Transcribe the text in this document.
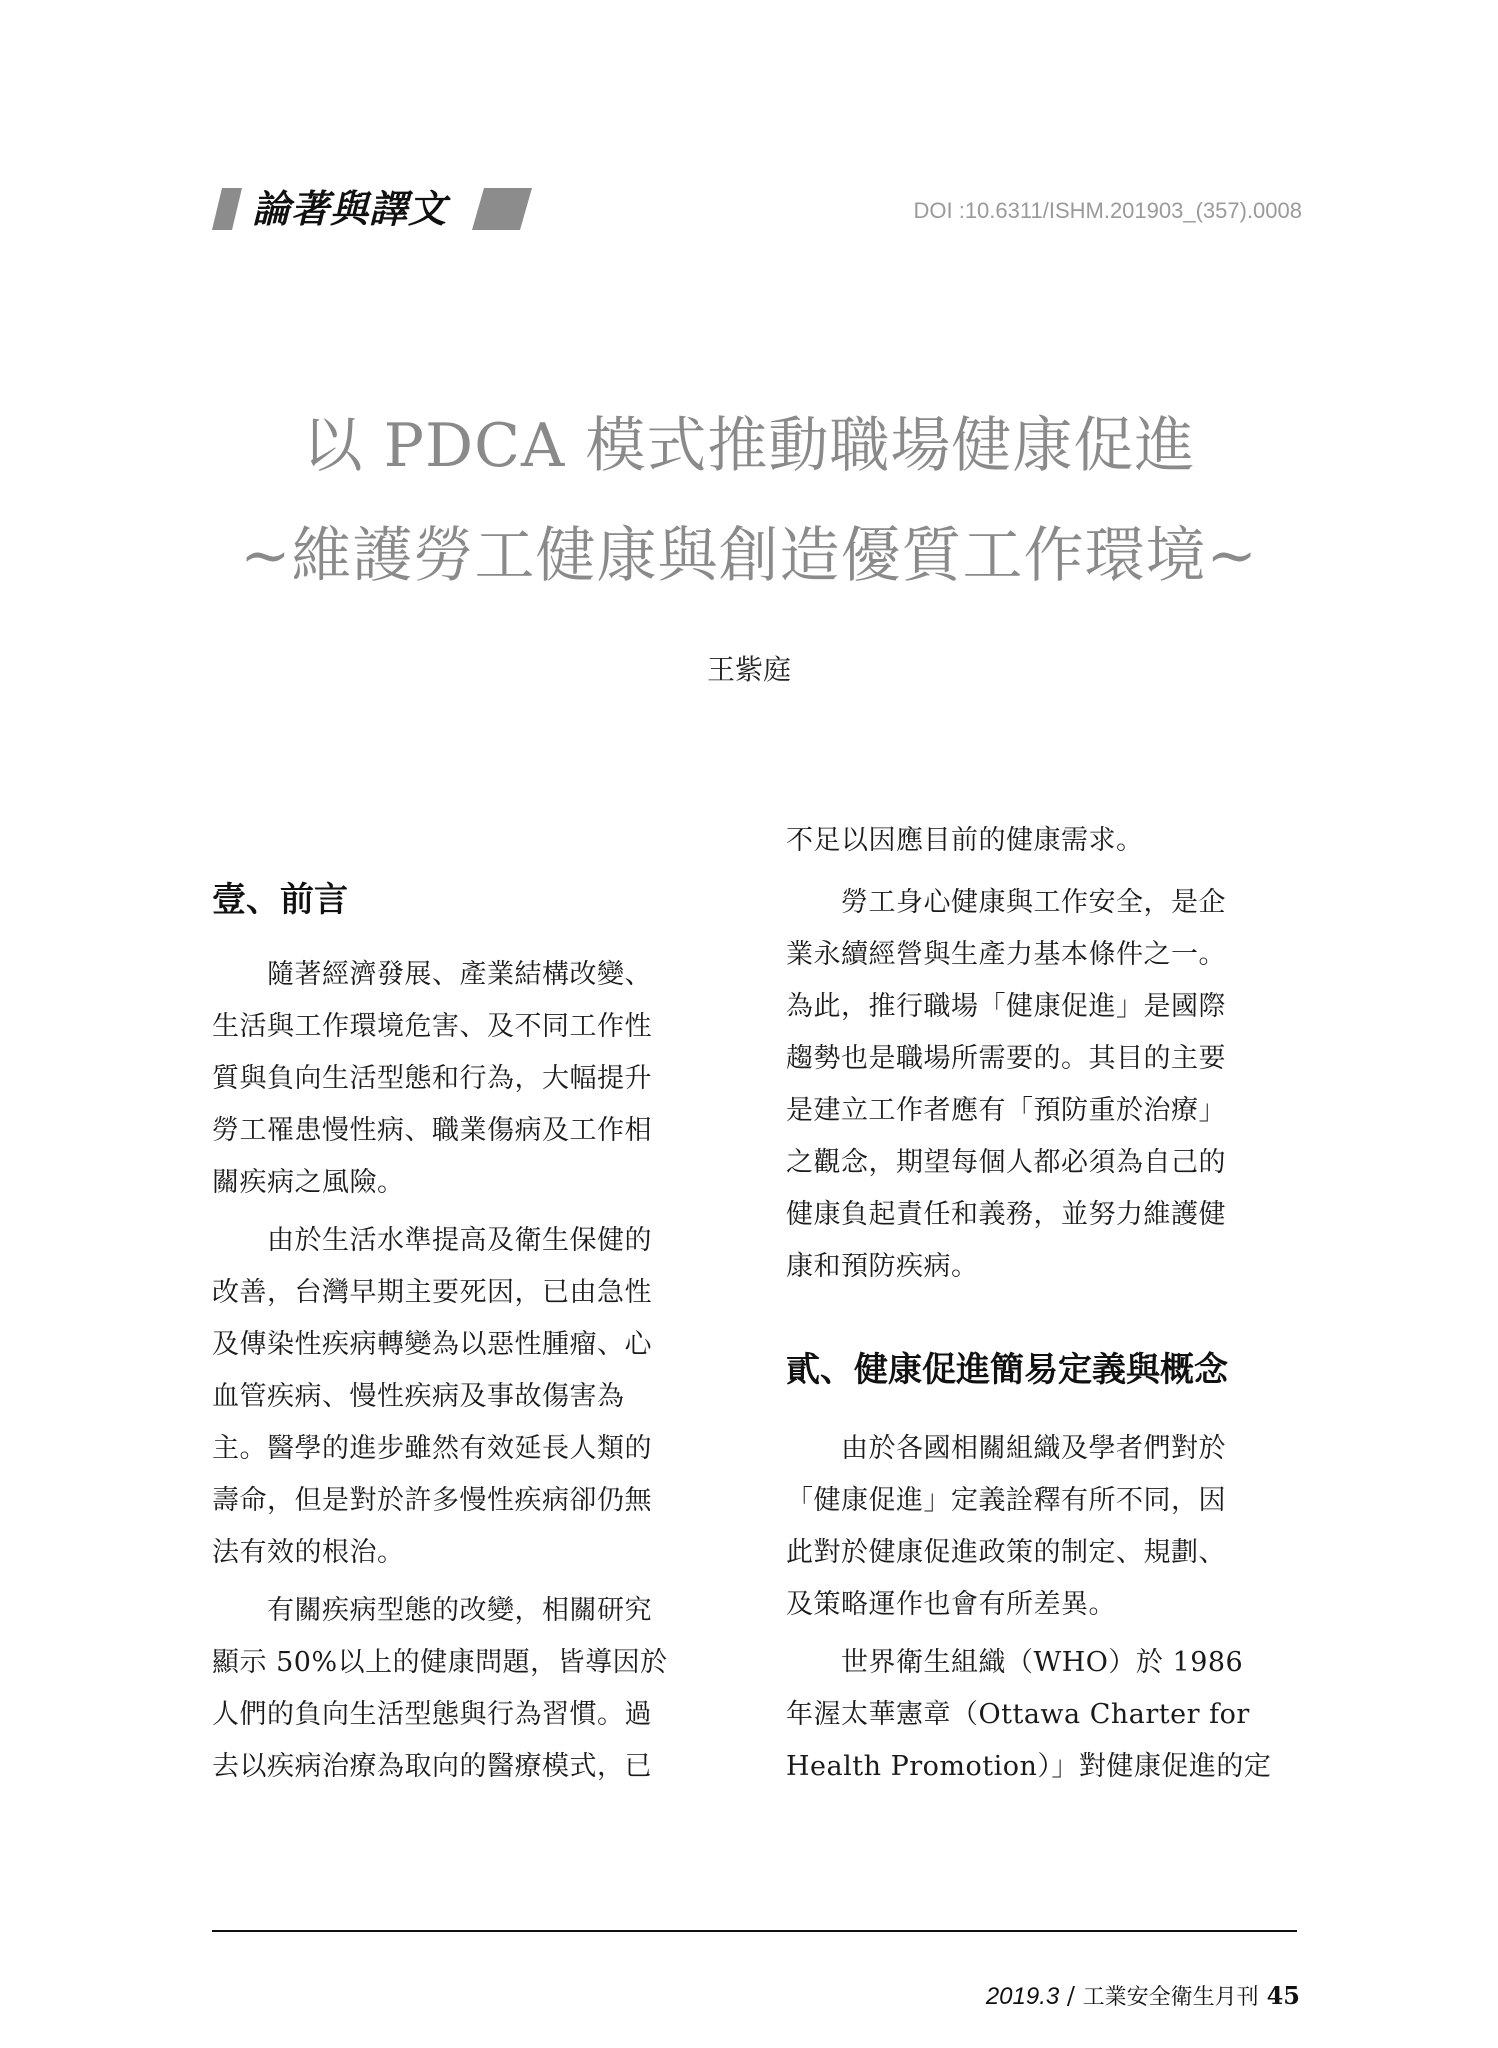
論著與譯文	DOI :10.6311/ISHM.201903_(357).0008
以 PDCA 模式推動職場健康促進
~維護勞工健康與創造優質工作環境~
王紫庭
壹、前言
　　隨著經濟發展、產業結構改變、
生活與工作環境危害、及不同工作性
質與負向生活型態和行為，大幅提升
勞工罹患慢性病、職業傷病及工作相
關疾病之風險。
　　由於生活水準提高及衛生保健的
改善，台灣早期主要死因，已由急性
及傳染性疾病轉變為以惡性腫瘤、心
血管疾病、慢性疾病及事故傷害為
主。醫學的進步雖然有效延長人類的
壽命，但是對於許多慢性疾病卻仍無
法有效的根治。
　　有關疾病型態的改變，相關研究
顯示 50%以上的健康問題，皆導因於
人們的負向生活型態與行為習慣。過
去以疾病治療為取向的醫療模式，已
不足以因應目前的健康需求。
　　勞工身心健康與工作安全，是企
業永續經營與生產力基本條件之一。
為此，推行職場「健康促進」是國際
趨勢也是職場所需要的。其目的主要
是建立工作者應有「預防重於治療」
之觀念，期望每個人都必須為自己的
健康負起責任和義務，並努力維護健
康和預防疾病。
貳、健康促進簡易定義與概念
　　由於各國相關組織及學者們對於
「健康促進」定義詮釋有所不同，因
此對於健康促進政策的制定、規劃、
及策略運作也會有所差異。
　　世界衛生組織（WHO）於 1986
年渥太華憲章（Ottawa Charter for
Health Promotion）」對健康促進的定
2019.3 / 工業安全衛生月刊 45
